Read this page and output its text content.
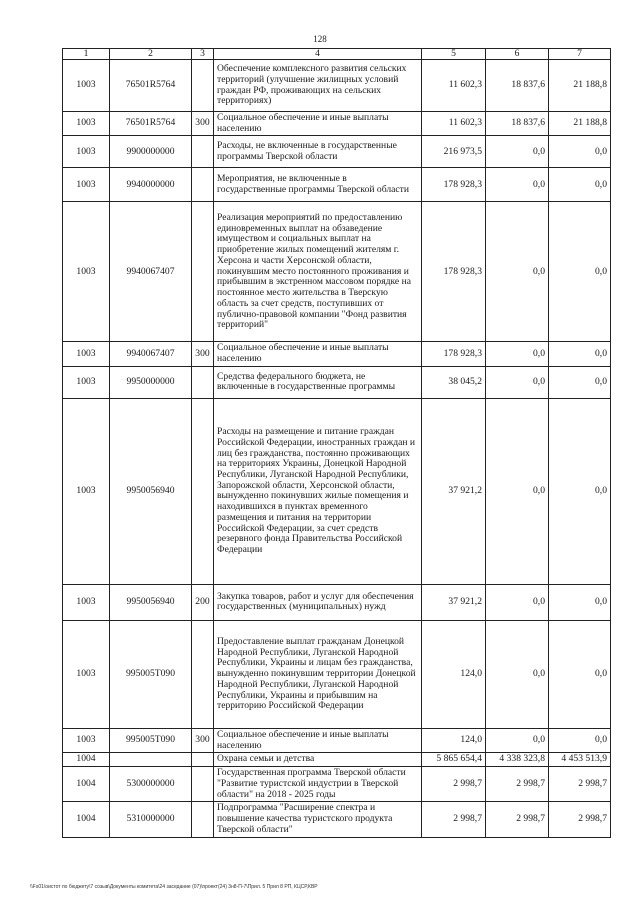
128
1	2	3	4	5	6	7
1003	76501R5764		Обеспечение комплексного развития сельских территорий (улучшение жилищных условий граждан РФ, проживающих на сельских территориях)	11 602,3	18 837,6	21 188,8
1003	76501R5764	300	Социальное обеспечение и иные выплаты населению	11 602,3	18 837,6	21 188,8
1003	9900000000		Расходы, не включенные в государственные программы Тверской области	216 973,5	0,0	0,0
1003	9940000000		Мероприятия, не включенные в государственные программы Тверской области	178 928,3	0,0	0,0
1003	9940067407		Реализация мероприятий по предоставлению единовременных выплат на обзаведение имуществом и социальных выплат на приобретение жилых помещений жителям г. Херсона и части Херсонской области, покинувшим место постоянного проживания и прибывшим в экстренном массовом порядке на постоянное место жительства в Тверскую область за счет средств, поступивших от публично-правовой компании "Фонд развития территорий"	178 928,3	0,0	0,0
1003	9940067407	300	Социальное обеспечение и иные выплаты населению	178 928,3	0,0	0,0
1003	9950000000		Средства федерального бюджета, не включенные в государственные программы	38 045,2	0,0	0,0
1003	9950056940		Расходы на размещение и питание граждан Российской Федерации, иностранных граждан и лиц без гражданства, постоянно проживающих на территориях Украины, Донецкой Народной Республики, Луганской Народной Республики, Запорожской области, Херсонской области, вынужденно покинувших жилые помещения и находившихся в пунктах временного размещения и питания на территории Российской Федерации, за счет средств резервного фонда Правительства Российской Федерации	37 921,2	0,0	0,0
1003	9950056940	200	Закупка товаров, работ и услуг для обеспечения государственных (муниципальных) нужд	37 921,2	0,0	0,0
1003	995005Т090		Предоставление выплат гражданам Донецкой Народной Республики, Луганской Народной Республики, Украины и лицам без гражданства, вынужденно покинувшим территории Донецкой Народной Республики, Луганской Народной Республики, Украины и прибывшим на территорию Российской Федерации	124,0	0,0	0,0
1003	995005Т090	300	Социальное обеспечение и иные выплаты населению	124,0	0,0	0,0
1004			Охрана семьи и детства	5 865 654,4	4 338 323,8	4 453 513,9
1004	5300000000		Государственная программа Тверской области "Развитие туристской индустрии в Тверской области" на 2018 - 2025 годы	2 998,7	2 998,7	2 998,7
1004	5310000000		Подпрограмма "Расширение спектра и повышение качества туристского продукта Тверской области"	2 998,7	2 998,7	2 998,7
\\Fs01\оистот по бюджету\7 созыв\Документы комитета\24 заседание (07)\проект(24) 3н8-П-7\Прил. 5 Прил 8 РП, КЦСР,КВР
